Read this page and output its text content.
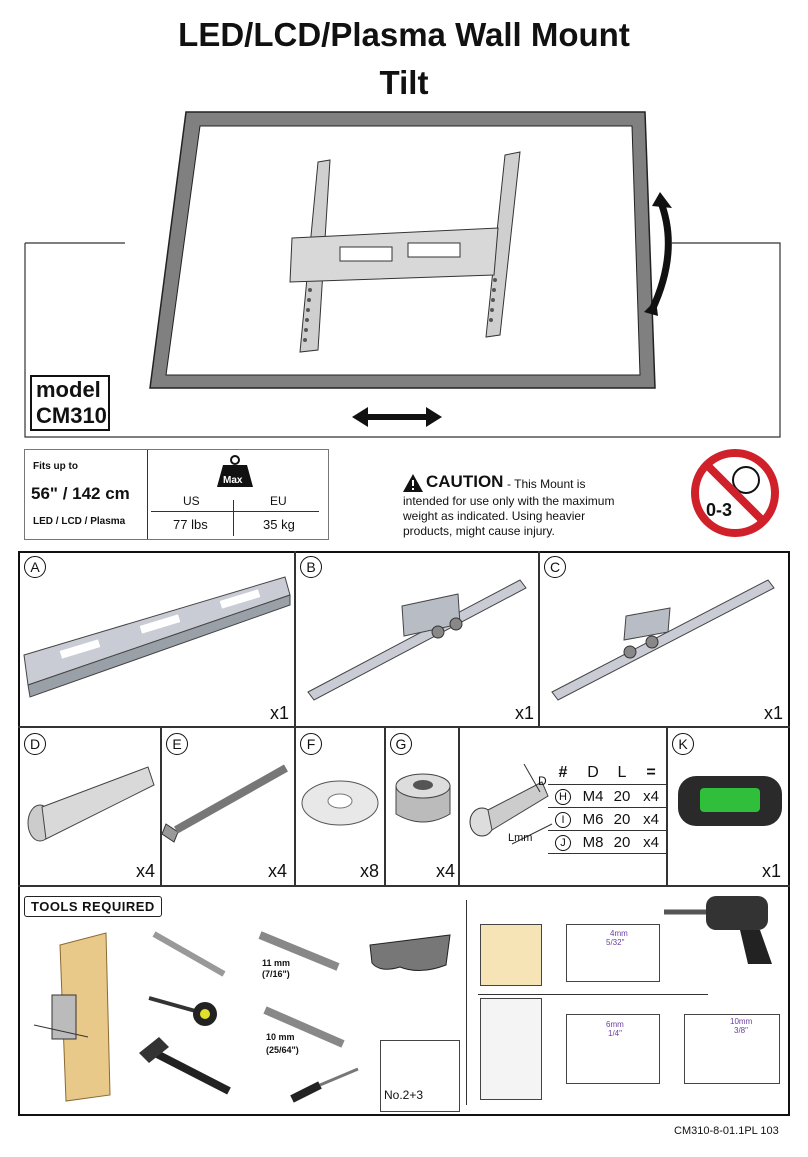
LED/LCD/Plasma Wall Mount
Tilt
model
CM310
Fits up to
56" / 142 cm
LED / LCD / Plasma
Max
US	EU
77 lbs	35 kg
CAUTION - This Mount is
intended for use only with the maximum
weight as indicated. Using heavier
products, might cause injury.
0-3
A
x1
B
x1
C
x1
D
x4
E
x4
F
x8
G
x4
D
Lmm
#	D	L	=
H	M4 20 x4
I	M6 20 x4
J	M8 20 x4
K
x1
TOOLS REQUIRED
11 mm
(7/16")
10 mm
(25/64")
No.2+3
4mm
5/32"
6mm
1/4"
10mm
3/8"
CM310-8-01.1PL 103
